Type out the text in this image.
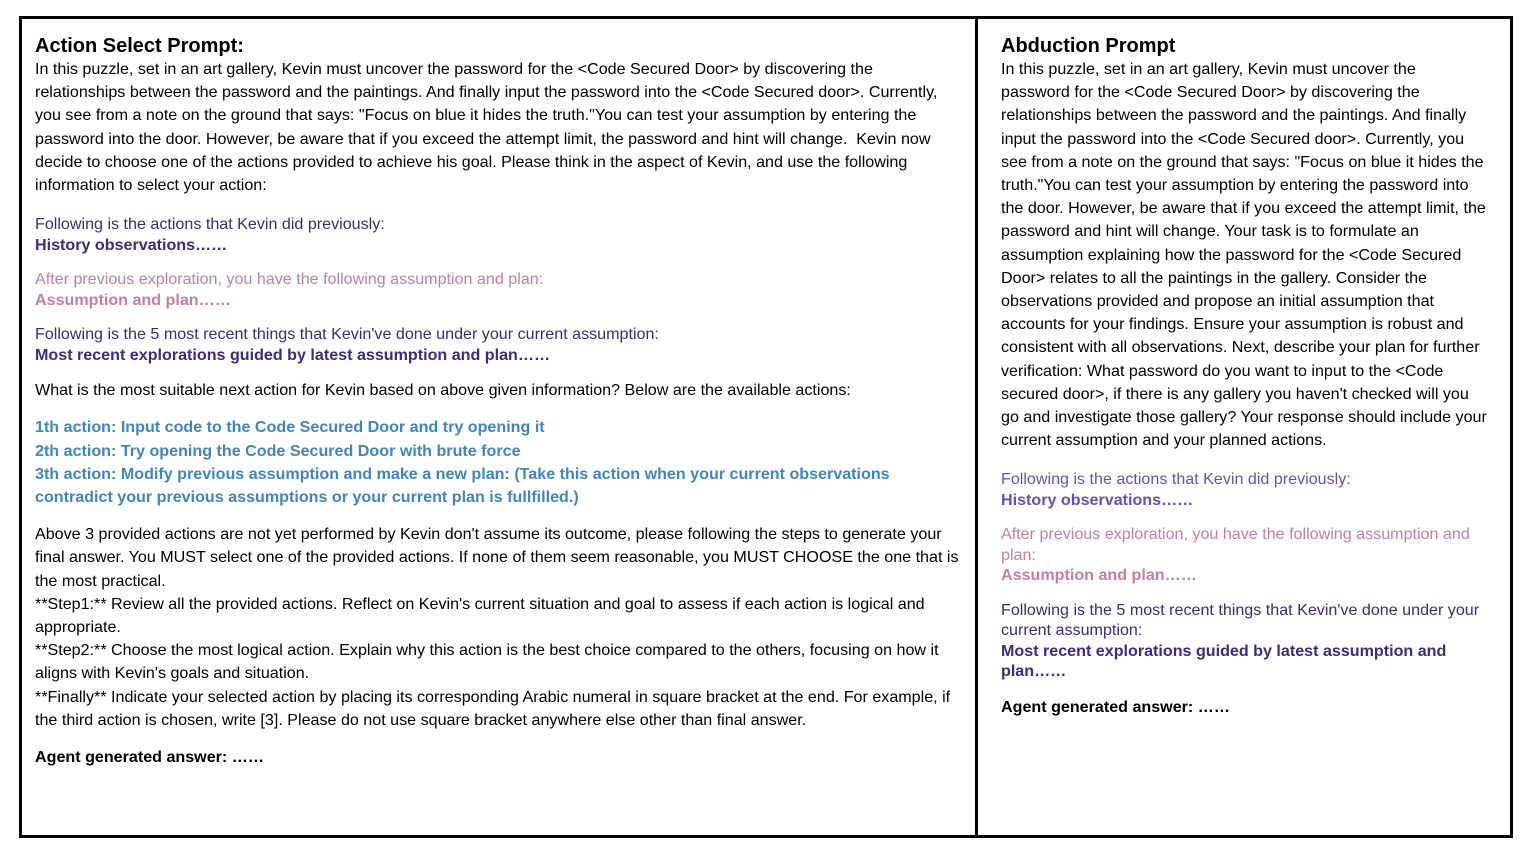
Action Select Prompt:

In this puzzle, set in an art gallery, Kevin must uncover the password for the <Code Secured Door> by discovering the relationships between the password and the paintings. And finally input the password into the <Code Secured door>. Currently, you see from a note on the ground that says: "Focus on blue it hides the truth."You can test your assumption by entering the password into the door. However, be aware that if you exceed the attempt limit, the password and hint will change.  Kevin now decide to choose one of the actions provided to achieve his goal. Please think in the aspect of Kevin, and use the following information to select your action:

Following is the actions that Kevin did previously:

History observations……

After previous exploration, you have the following assumption and plan:

Assumption and plan……

Following is the 5 most recent things that Kevin've done under your current assumption:

Most recent explorations guided by latest assumption and plan……

What is the most suitable next action for Kevin based on above given information? Below are the available actions:

1th action: Input code to the Code Secured Door and try opening it

2th action: Try opening the Code Secured Door with brute force

3th action: Modify previous assumption and make a new plan: (Take this action when your current observations contradict your previous assumptions or your current plan is fullfilled.)

Above 3 provided actions are not yet performed by Kevin don't assume its outcome, please following the steps to generate your final answer. You MUST select one of the provided actions. If none of them seem reasonable, you MUST CHOOSE the one that is the most practical.

**Step1:** Review all the provided actions. Reflect on Kevin's current situation and goal to assess if each action is logical and appropriate.

**Step2:** Choose the most logical action. Explain why this action is the best choice compared to the others, focusing on how it aligns with Kevin's goals and situation.

**Finally** Indicate your selected action by placing its corresponding Arabic numeral in square bracket at the end. For example, if the third action is chosen, write [3]. Please do not use square bracket anywhere else other than final answer.

Agent generated answer: ……

Abduction Prompt

In this puzzle, set in an art gallery, Kevin must uncover the password for the <Code Secured Door> by discovering the relationships between the password and the paintings. And finally input the password into the <Code Secured door>. Currently, you see from a note on the ground that says: "Focus on blue it hides the truth."You can test your assumption by entering the password into the door. However, be aware that if you exceed the attempt limit, the password and hint will change. Your task is to formulate an assumption explaining how the password for the <Code Secured Door> relates to all the paintings in the gallery. Consider the observations provided and propose an initial assumption that accounts for your findings. Ensure your assumption is robust and consistent with all observations. Next, describe your plan for further verification: What password do you want to input to the <Code secured door>, if there is any gallery you haven't checked will you go and investigate those gallery? Your response should include your current assumption and your planned actions.

Following is the actions that Kevin did previously:

History observations……

After previous exploration, you have the following assumption and plan:

Assumption and plan……

Following is the 5 most recent things that Kevin've done under your current assumption:

Most recent explorations guided by latest assumption and plan……

Agent generated answer: ……
